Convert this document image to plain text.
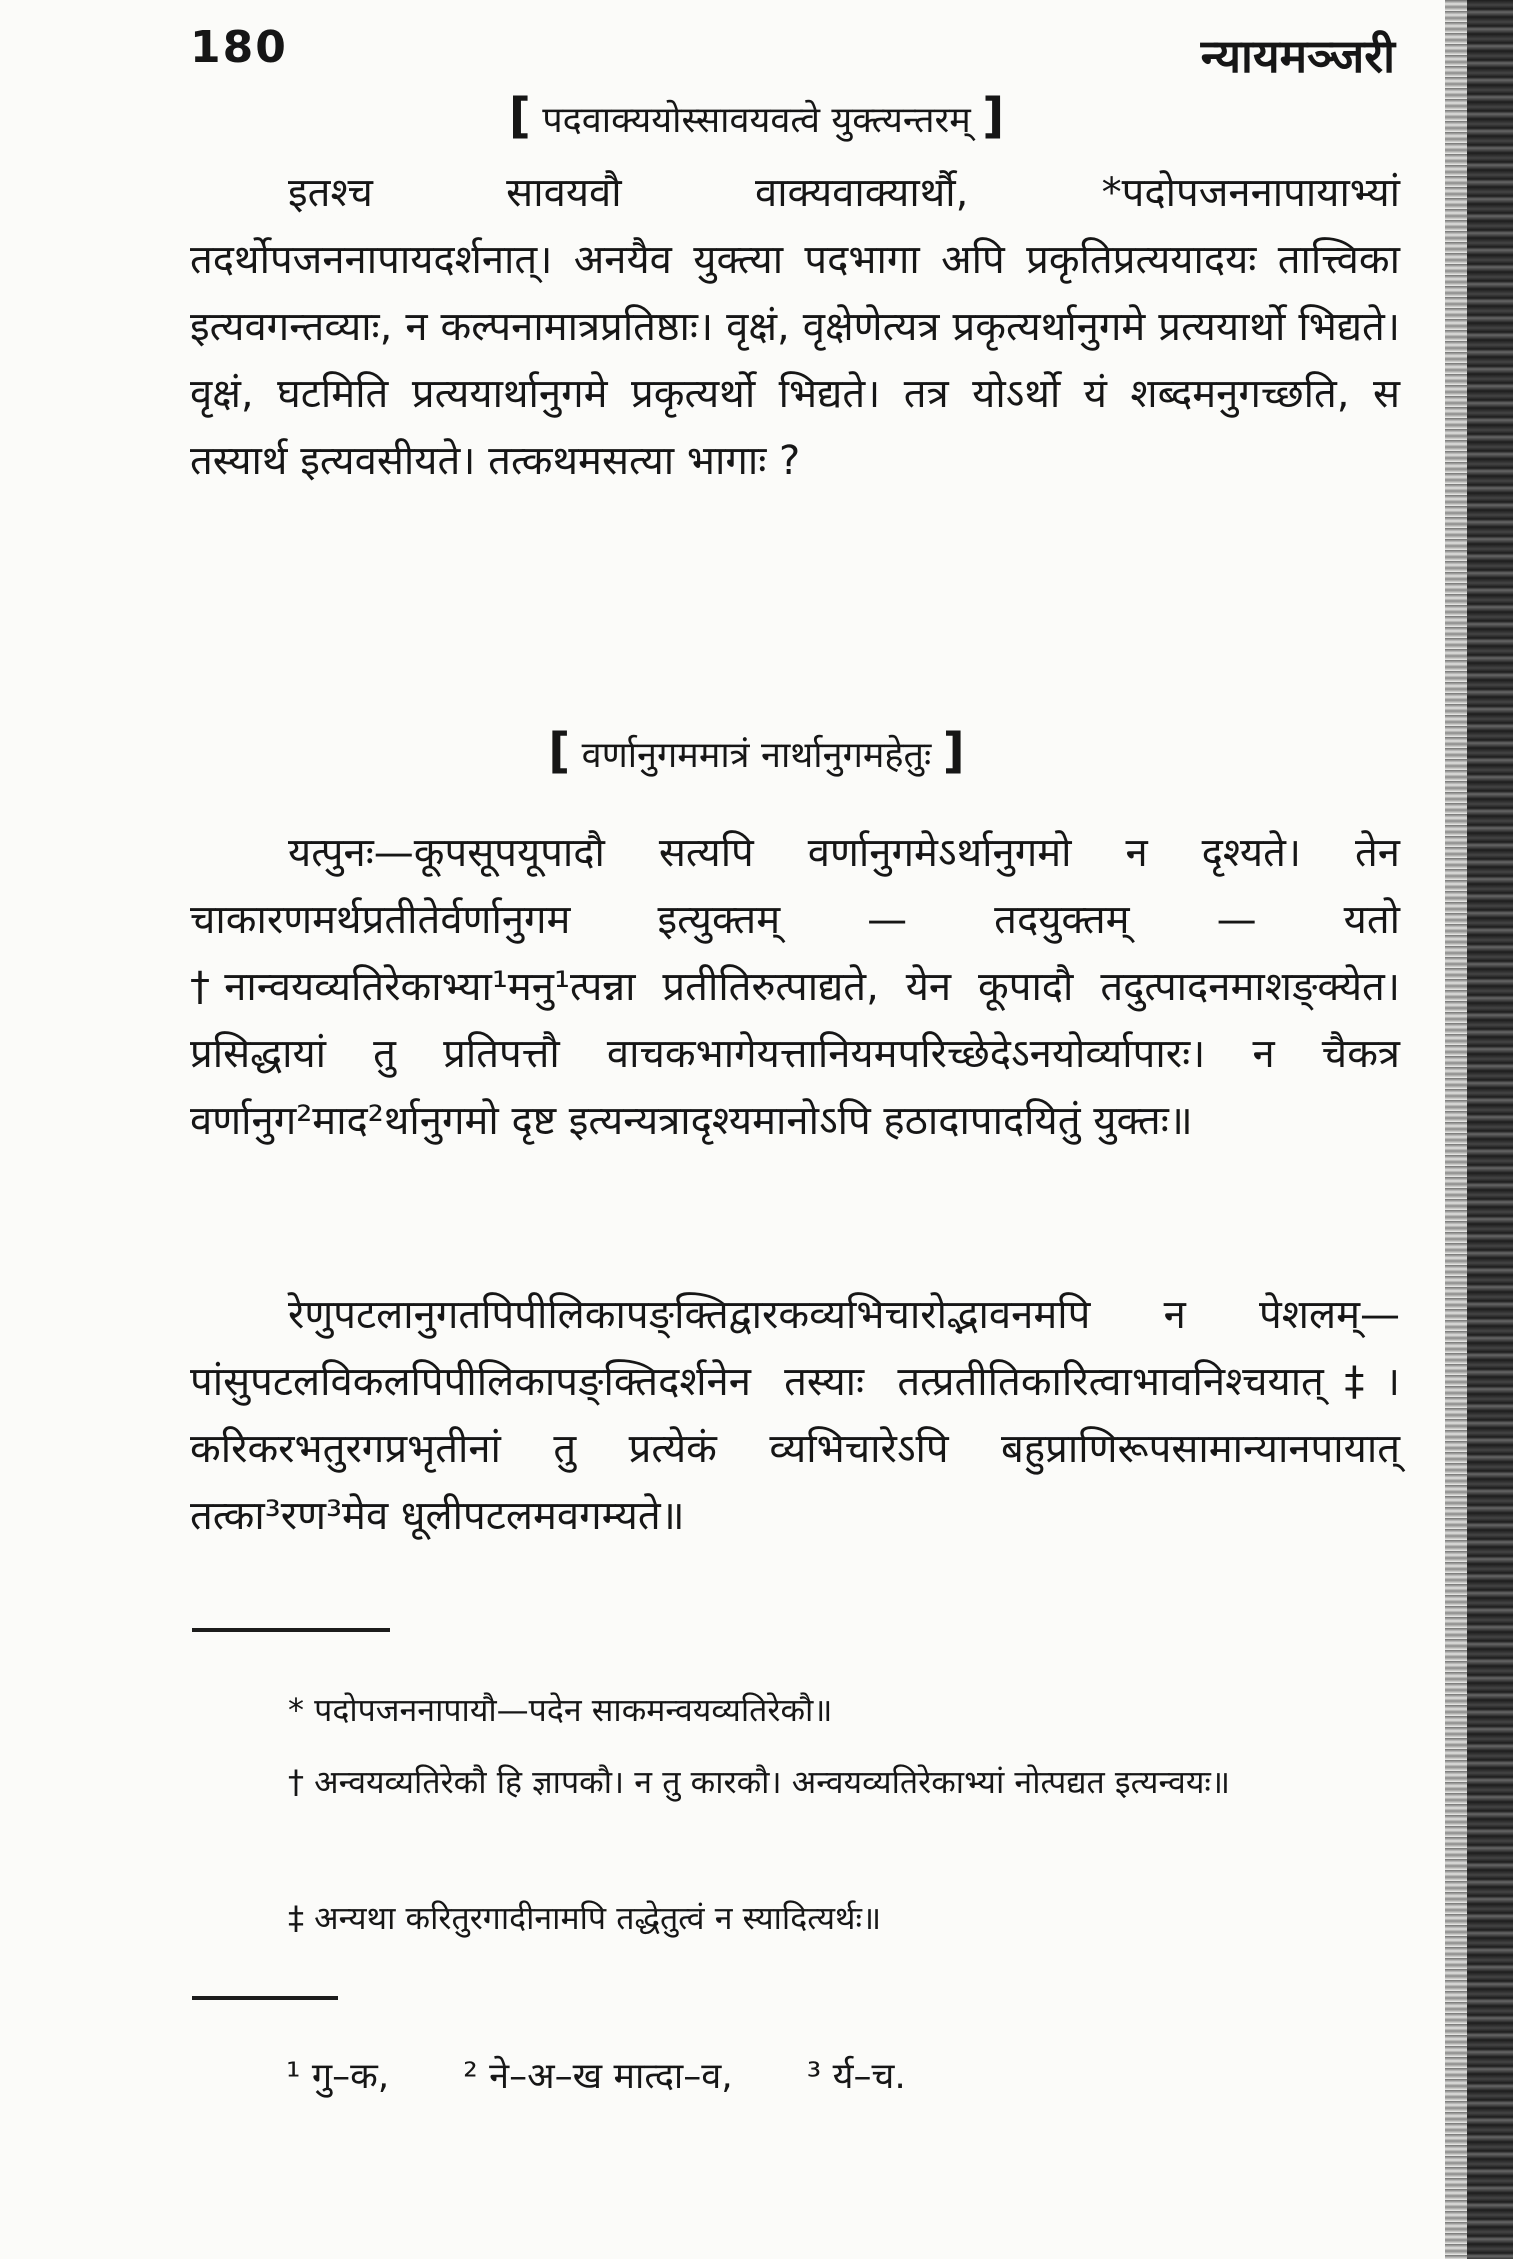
180	न्यायमञ्जरी
[ पदवाक्ययोस्सावयवत्वे युक्त्यन्तरम् ]

इतश्च सावयवौ वाक्यवाक्यार्थौ, *पदोपजननापायाभ्यां तदर्थोपजननापायदर्शनात्। अनयैव युक्त्या पदभागा अपि प्रकृतिप्रत्ययादयः तात्त्विका इत्यवगन्तव्याः, न कल्पनामात्रप्रतिष्ठाः। वृक्षं, वृक्षेणेत्यत्र प्रकृत्यर्थानुगमे प्रत्ययार्थो भिद्यते। वृक्षं, घटमिति प्रत्ययार्थानुगमे प्रकृत्यर्थो भिद्यते। तत्र योऽर्थो यं शब्दमनुगच्छति, स तस्यार्थ इत्यवसीयते। तत्कथमसत्या भागाः ?

[ वर्णानुगममात्रं नार्थानुगमहेतुः ]

यत्पुनः—कूपसूपयूपादौ सत्यपि वर्णानुगमेऽर्थानुगमो न दृश्यते। तेन चाकारणमर्थप्रतीतेर्वर्णानुगम इत्युक्तम् — तदयुक्तम् — यतो †नान्वयव्यतिरेकाभ्या¹मनु¹त्पन्ना प्रतीतिरुत्पाद्यते, येन कूपादौ तदुत्पादनमाशङ्क्येत। प्रसिद्धायां तु प्रतिपत्तौ वाचकभागेयत्तानियमपरिच्छेदेऽनयोर्व्यापारः। न चैकत्र वर्णानुग²माद²र्थानुगमो दृष्ट इत्यन्यत्रादृश्यमानोऽपि हठादापादयितुं युक्तः॥

रेणुपटलानुगतपिपीलिकापङ्क्तिद्वारकव्यभिचारोद्भावनमपि न पेशलम्—पांसुपटलविकलपिपीलिकापङ्क्तिदर्शनेन तस्याः तत्प्रतीतिकारित्वाभावनिश्चयात्‡। करिकरभतुरगप्रभृतीनां तु प्रत्येकं व्यभिचारेऽपि बहुप्राणिरूपसामान्यानपायात् तत्का³रण³मेव धूलीपटलमवगम्यते॥

* पदोपजननापायौ—पदेन साकमन्वयव्यतिरेकौ॥

† अन्वयव्यतिरेकौ हि ज्ञापकौ। न तु कारकौ। अन्वयव्यतिरेकाभ्यां नोत्पद्यत इत्यन्वयः॥

‡ अन्यथा करितुरगादीनामपि तद्धेतुत्वं न स्यादित्यर्थः॥

¹ गु–क, ² ने–अ–ख मात्दा–व, ³ र्य–च.
